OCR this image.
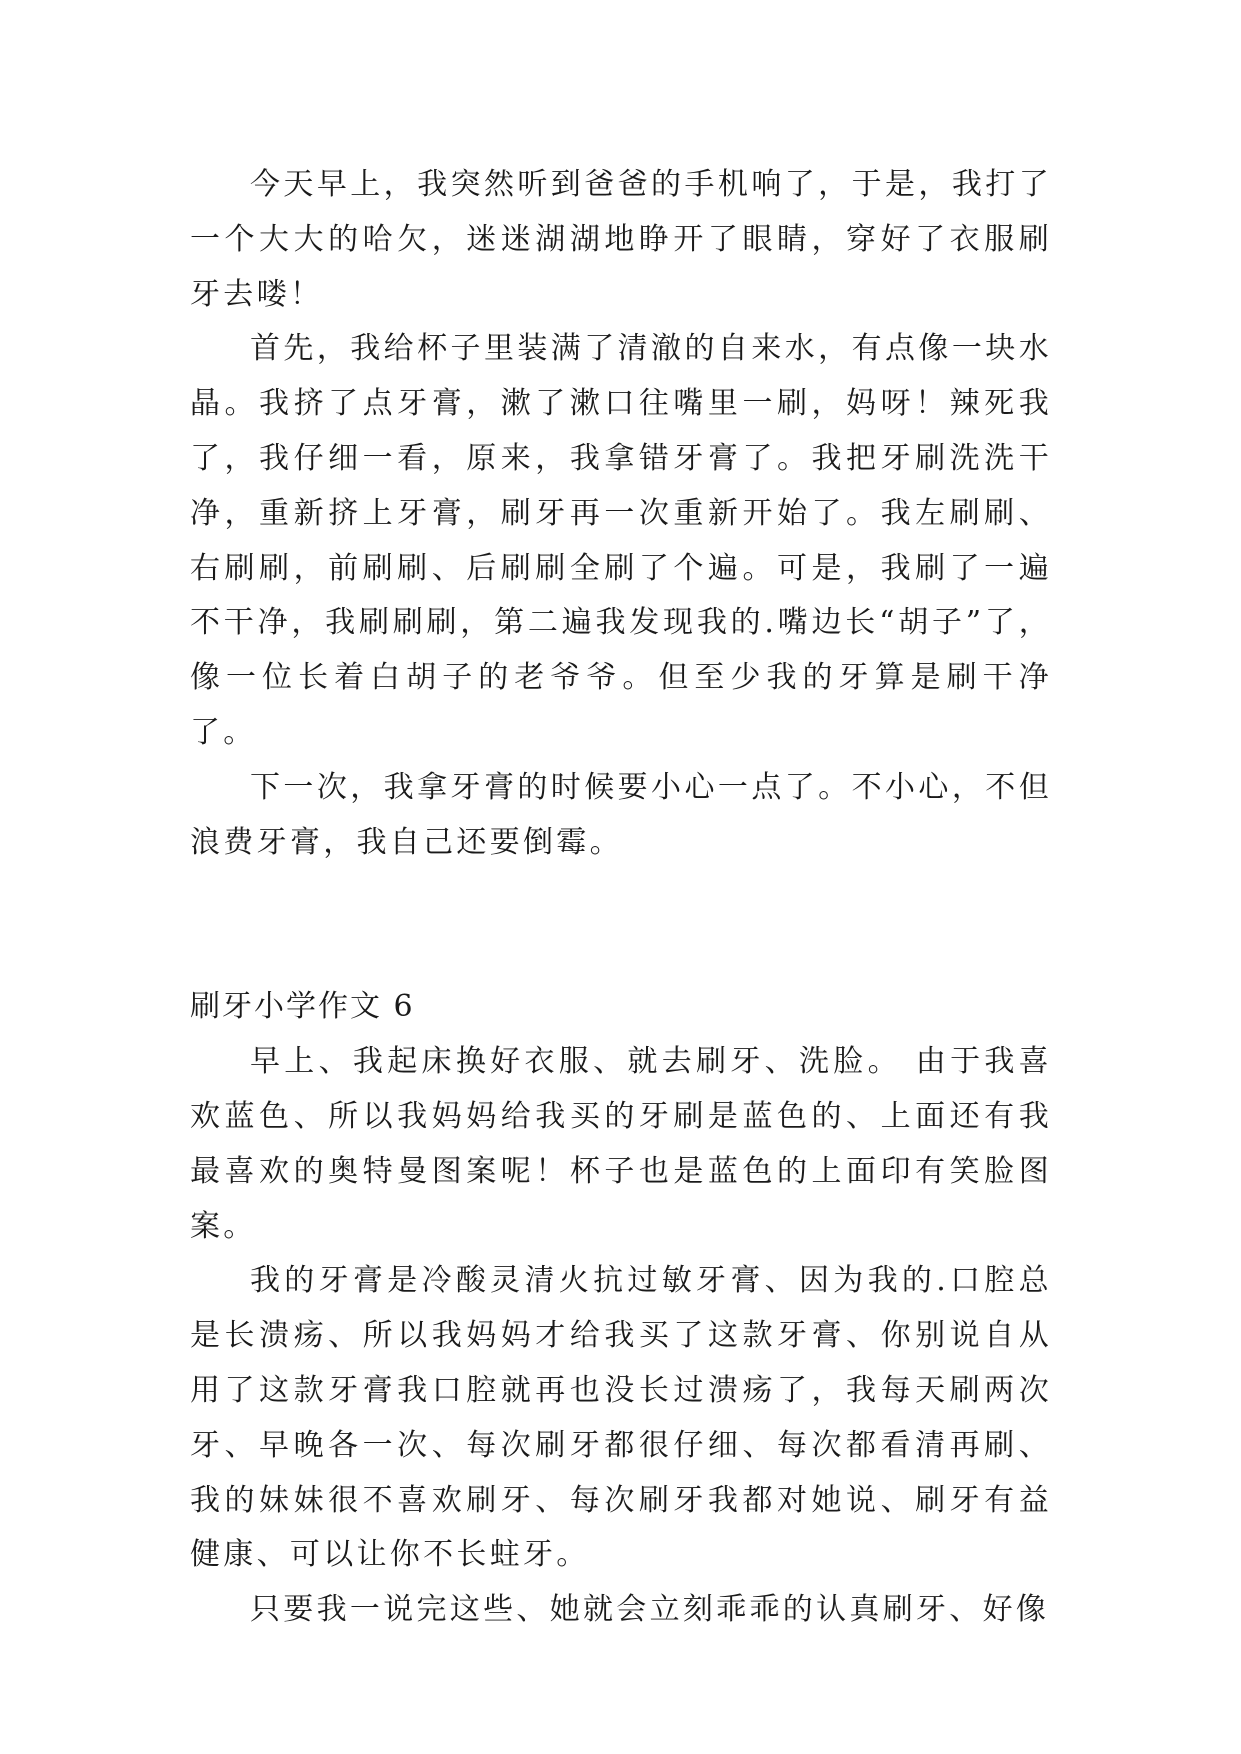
今天早上，我突然听到爸爸的手机响了，于是，我打了一个大大的哈欠，迷迷湖湖地睁开了眼睛，穿好了衣服刷牙去喽！

首先，我给杯子里装满了清澈的自来水，有点像一块水晶。我挤了点牙膏，漱了漱口往嘴里一刷，妈呀！辣死我了，我仔细一看，原来，我拿错牙膏了。我把牙刷洗洗干净，重新挤上牙膏，刷牙再一次重新开始了。我左刷刷、右刷刷，前刷刷、后刷刷全刷了个遍。可是，我刷了一遍不干净，我刷刷刷，第二遍我发现我的.嘴边长“胡子”了，像一位长着白胡子的老爷爷。但至少我的牙算是刷干净了。

下一次，我拿牙膏的时候要小心一点了。不小心，不但浪费牙膏，我自己还要倒霉。

刷牙小学作文 6

早上、我起床换好衣服、就去刷牙、洗脸。 由于我喜欢蓝色、所以我妈妈给我买的牙刷是蓝色的、上面还有我最喜欢的奥特曼图案呢！杯子也是蓝色的上面印有笑脸图案。

我的牙膏是冷酸灵清火抗过敏牙膏、因为我的.口腔总是长溃疡、所以我妈妈才给我买了这款牙膏、你别说自从用了这款牙膏我口腔就再也没长过溃疡了，我每天刷两次牙、早晚各一次、每次刷牙都很仔细、每次都看清再刷、我的妹妹很不喜欢刷牙、每次刷牙我都对她说、刷牙有益健康、可以让你不长蛀牙。

只要我一说完这些、她就会立刻乖乖的认真刷牙、好像
